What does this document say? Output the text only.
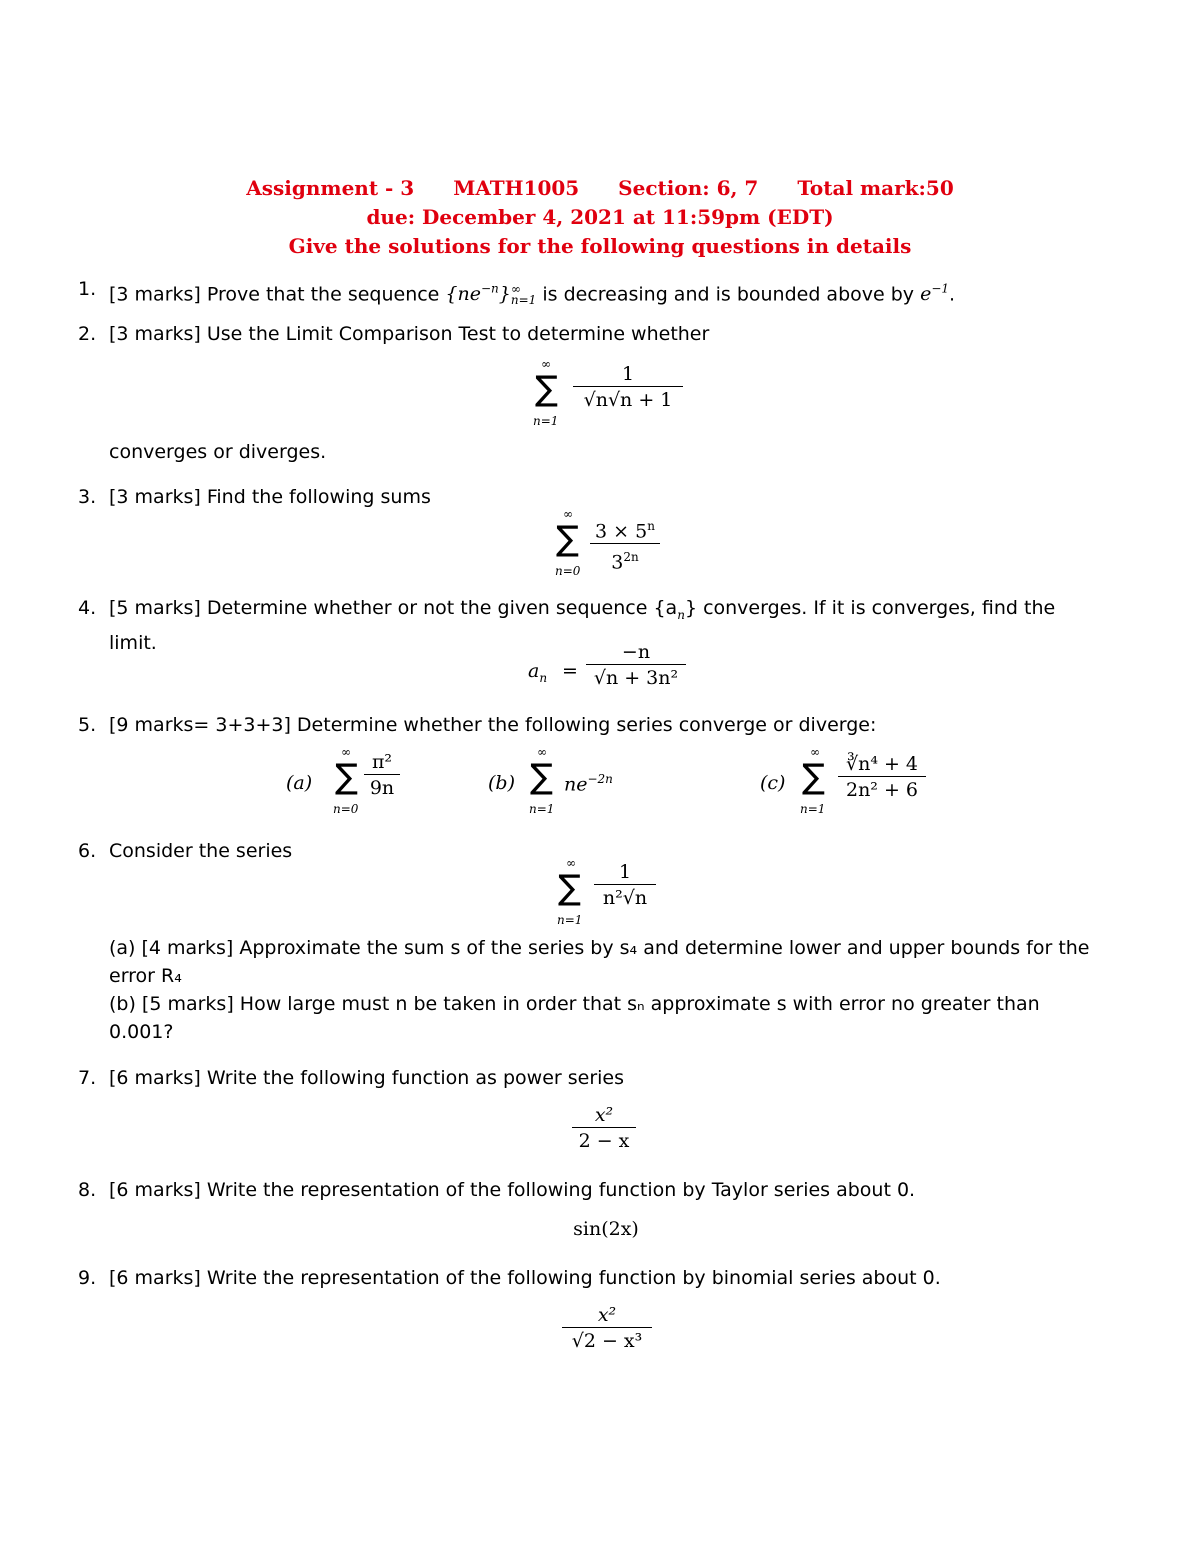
Assignment - 3 MATH1005 Section: 6, 7 Total mark:50
due: December 4, 2021 at 11:59pm (EDT)
Give the solutions for the following questions in details
1. [3 marks] Prove that the sequence $\{ne^{-n}\}$ ∞
n=1 is decreasing and is bounded above by $e^{-1}$.
2. [3 marks] Use the Limit Comparison Test to determine whether
∞
∑
n=1
1
√n√n + 1
converges or diverges.
3. [3 marks] Find the following sums
∞
∑
n=0
$3 \times 5^n$
$3^{2n}$
4. [5 marks] Determine whether or not the given sequence $\{a_n\}$ converges. If it is converges, find the limit.
$a_n$ =
−n
√n + 3n²
5. [9 marks= 3+3+3] Determine whether the following series converge or diverge:
(a)
∞
∑
n=0
π²
9n	(b)
∞
∑
n=1
$ne^{-2n}$	(c)
∞
∑
n=1
∛n⁴ + 4
2n² + 6
6. Consider the series
∞
∑
n=1
1
n²√n
(a) [4 marks] Approximate the sum s of the series by s₄ and determine lower and upper bounds for the error R₄
(b) [5 marks] How large must n be taken in order that sₙ approximate s with error no greater than 0.001?
7. [6 marks] Write the following function as power series
x²
2 − x
8. [6 marks] Write the representation of the following function by Taylor series about 0.
sin(2x)
9. [6 marks] Write the representation of the following function by binomial series about 0.
x²
√2 − x³
